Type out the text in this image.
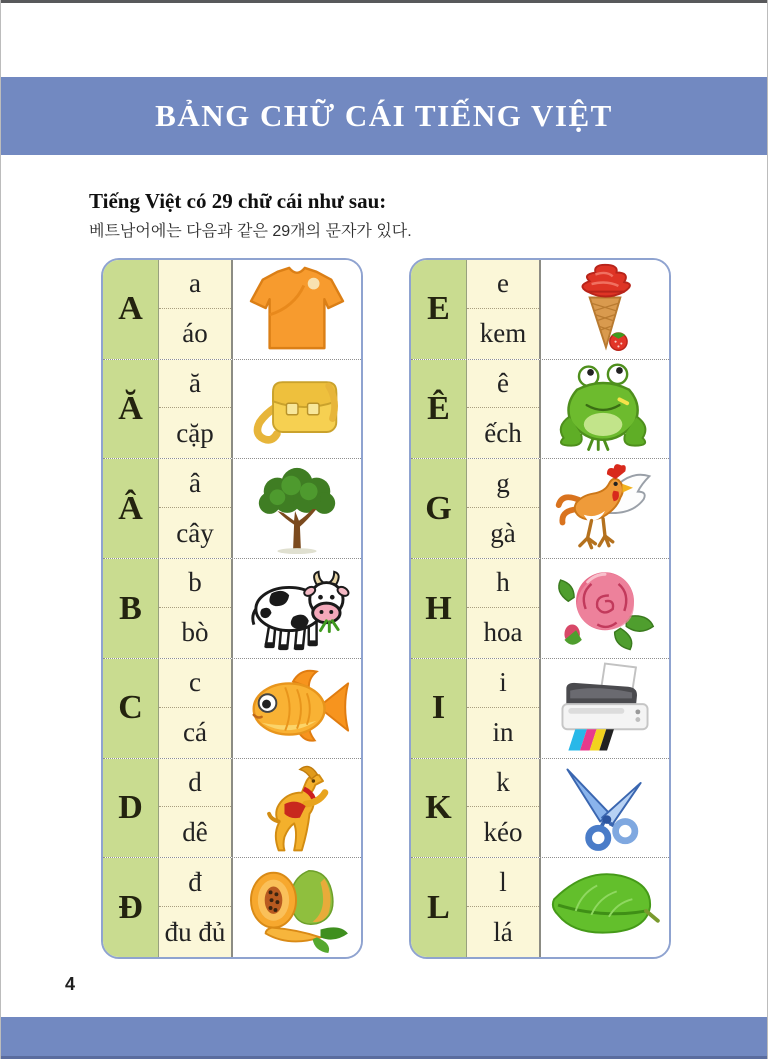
BẢNG CHỮ CÁI TIẾNG VIỆT
Tiếng Việt có 29 chữ cái như sau:
베트남어에는 다음과 같은 29개의 문자가 있다.
A
a
áo
Ă
ă
cặp
Â
â
cây
B
b
bò
C
c
cá
D
d
dê
Đ
đ
đu đủ
E
e
kem
Ê
ê
ếch
G
g
gà
H
h
hoa
I
i
in
K
k
kéo
L
l
lá
4
